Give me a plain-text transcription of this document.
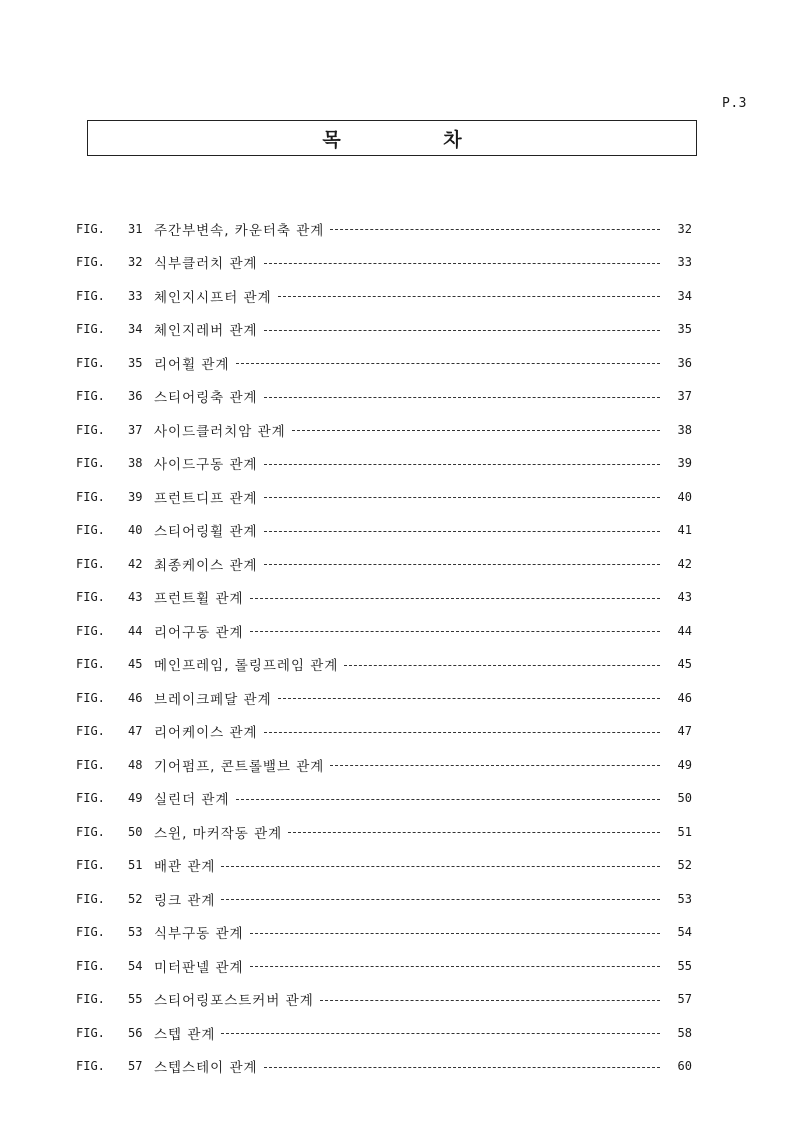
P.3
목 차
FIG.	31 주간부변속, 카운터축 관계	32
FIG.	32 식부클러치 관계	33
FIG.	33 체인지시프터 관계	34
FIG.	34 체인지레버 관계	35
FIG.	35 리어휠 관계	36
FIG.	36 스티어링축 관계	37
FIG.	37 사이드클러치암 관계	38
FIG.	38 사이드구동 관계	39
FIG.	39 프런트디프 관계	40
FIG.	40 스티어링휠 관계	41
FIG.	42 최종케이스 관계	42
FIG.	43 프런트휠 관계	43
FIG.	44 리어구동 관계	44
FIG.	45 메인프레임, 롤링프레임 관계	45
FIG.	46 브레이크페달 관계	46
FIG.	47 리어케이스 관계	47
FIG.	48 기어펌프, 콘트롤밸브 관계	49
FIG.	49 실린더 관계	50
FIG.	50 스윈, 마커작동 관계	51
FIG.	51 배관 관계	52
FIG.	52 링크 관계	53
FIG.	53 식부구동 관계	54
FIG.	54 미터판넬 관계	55
FIG.	55 스티어링포스트커버 관계	57
FIG.	56 스텝 관계	58
FIG.	57 스텝스테이 관계	60
